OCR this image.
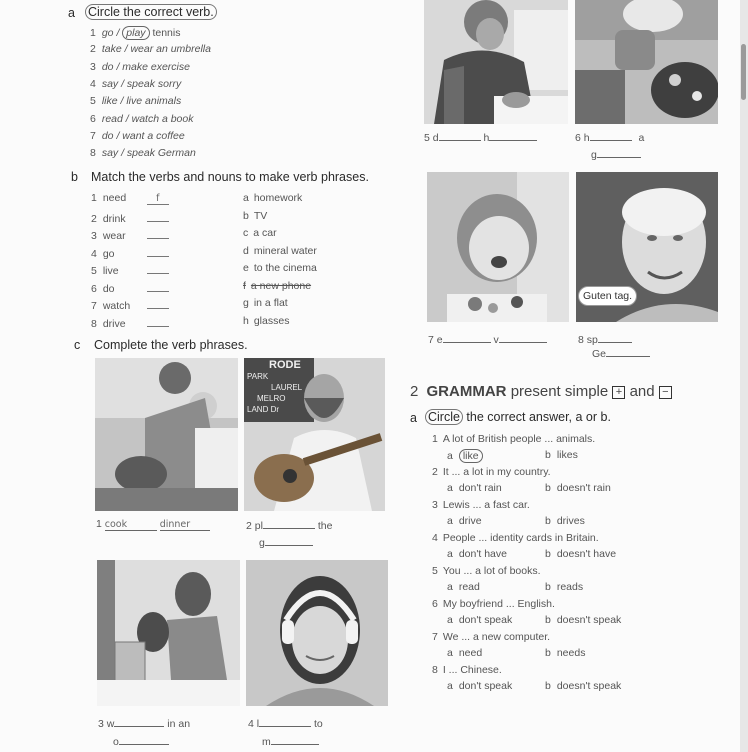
a Circle the correct verb.
1 go / play tennis
2 take / wear an umbrella
3 do / make exercise
4 say / speak sorry
5 like / live animals
6 read / watch a book
7 do / want a coffee
8 say / speak German
5 d	h	6 h	a
g
b Match the verbs and nouns to make verb phrases.
1 need	f
2 drink
3 wear
4 go
5 live
6 do
7 watch
8 drive
a homework
b TV
c a car
d mineral water
e to the cinema
f a new phone
g in a flat
h glasses
Guten tag.
7 e	v	8 sp
Ge
c Complete the verb phrases.
RODE
PARK
LAUREL
MELRO
LAND Dr
1 cook	dinner	2 pl	the
g
3 w	in an
o
4 l	to
m
2 GRAMMAR present simple + and −
a Circle the correct answer, a or b.
1 A lot of British people ... animals.
a like	b likes
2 It ... a lot in my country.
a don't rain	b doesn't rain
3 Lewis ... a fast car.
a drive	b drives
4 People ... identity cards in Britain.
a don't have	b doesn't have
5 You ... a lot of books.
a read	b reads
6 My boyfriend ... English.
a don't speak	b doesn't speak
7 We ... a new computer.
a need	b needs
8 I ... Chinese.
a don't speak	b doesn't speak
